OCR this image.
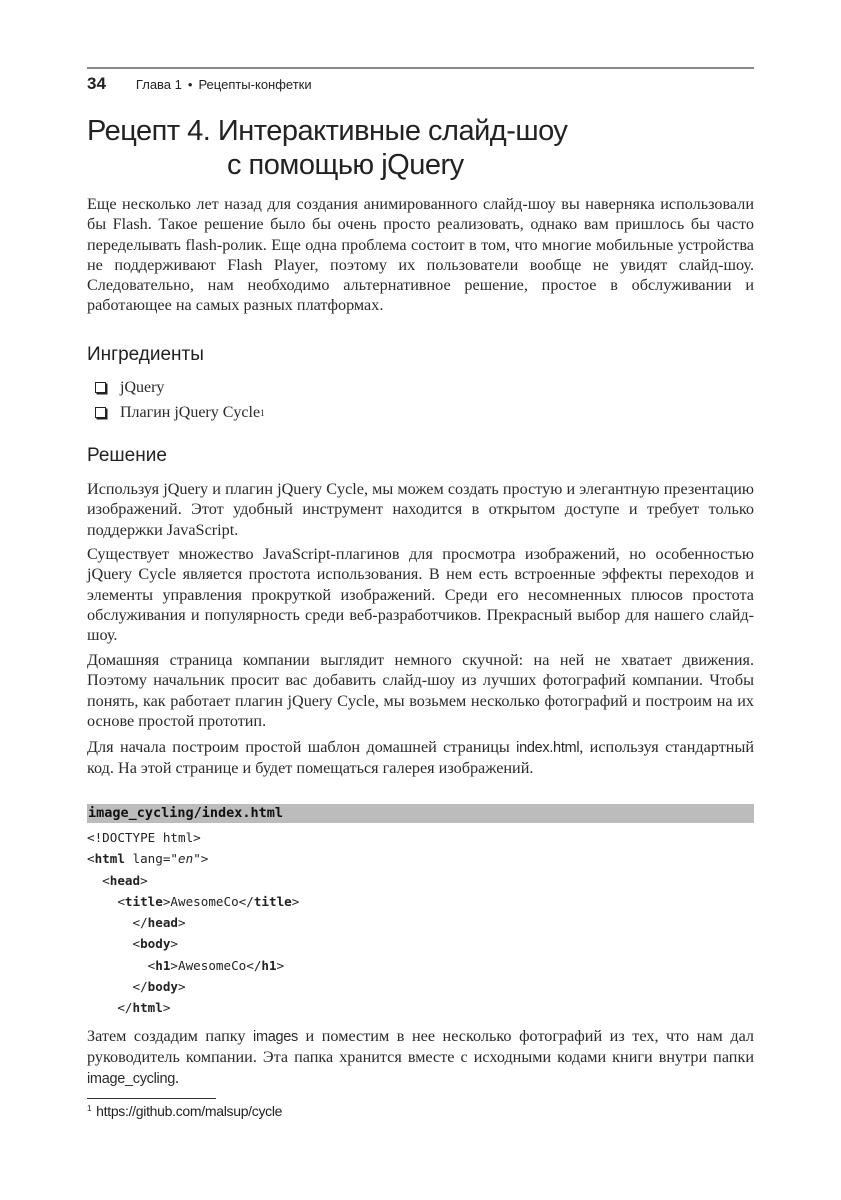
34 Глава 1 • Рецепты-конфетки
Рецепт 4. Интерактивные слайд-шоу
с помощью jQuery

Еще несколько лет назад для создания анимированного слайд-шоу вы наверняка использовали бы Flash. Такое решение было бы очень просто реализовать, однако вам пришлось бы часто переделывать flash-ролик. Еще одна проблема состоит в том, что многие мобильные устройства не поддерживают Flash Player, поэтому их пользователи вообще не увидят слайд-шоу. Следовательно, нам необходимо альтернативное решение, простое в обслуживании и работающее на самых разных платформах.

Ингредиенты
jQuery
Плагин jQuery Cycle$^1$
Решение

Используя jQuery и плагин jQuery Cycle, мы можем создать простую и элегантную презентацию изображений. Этот удобный инструмент находится в открытом доступе и требует только поддержки JavaScript.

Существует множество JavaScript-плагинов для просмотра изображений, но особенностью jQuery Cycle является простота использования. В нем есть встроенные эффекты переходов и элементы управления прокруткой изображений. Среди его несомненных плюсов простота обслуживания и популярность среди веб-разработчиков. Прекрасный выбор для нашего слайд-шоу.

Домашняя страница компании выглядит немного скучной: на ней не хватает движения. Поэтому начальник просит вас добавить слайд-шоу из лучших фотографий компании. Чтобы понять, как работает плагин jQuery Cycle, мы возьмем несколько фотографий и построим на их основе простой прототип.

Для начала построим простой шаблон домашней страницы index.html, используя стандартный код. На этой странице и будет помещаться галерея изображений.

image_cycling/index.html
<!DOCTYPE html>
<html lang="en">
<head>
<title>AwesomeCo</title>
</head>
<body>
<h1>AwesomeCo</h1>
</body>
</html>

Затем создадим папку images и поместим в нее несколько фотографий из тех, что нам дал руководитель компании. Эта папка хранится вместе с исходными кодами книги внутри папки image_cycling.

$^1$ https://github.com/malsup/cycle
